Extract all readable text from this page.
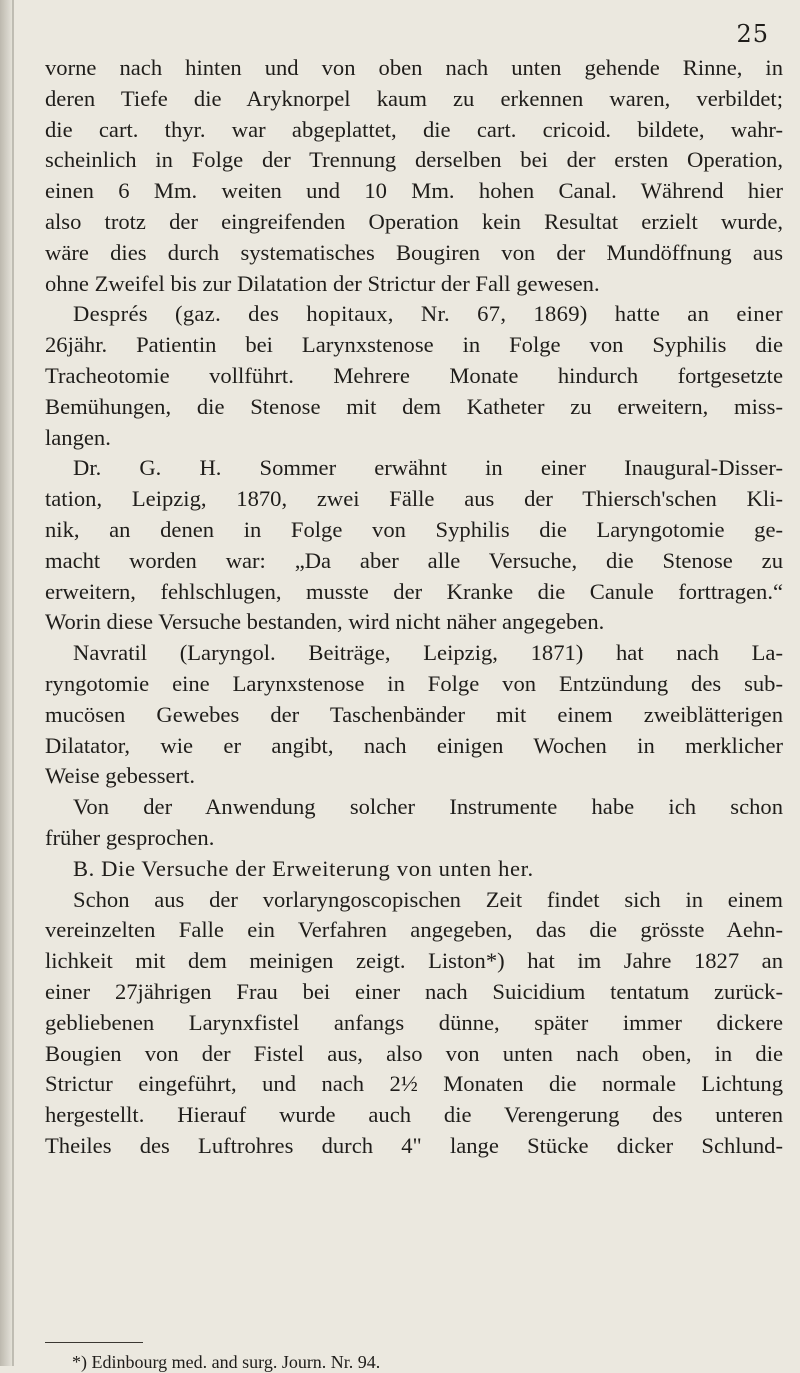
25
vorne nach hinten und von oben nach unten gehende Rinne, in
deren Tiefe die Aryknorpel kaum zu erkennen waren, verbildet;
die cart. thyr. war abgeplattet, die cart. cricoid. bildete, wahr-
scheinlich in Folge der Trennung derselben bei der ersten Operation,
einen 6 Mm. weiten und 10 Mm. hohen Canal. Während hier
also trotz der eingreifenden Operation kein Resultat erzielt wurde,
wäre dies durch systematisches Bougiren von der Mundöffnung aus
ohne Zweifel bis zur Dilatation der Strictur der Fall gewesen.
Després (gaz. des hopitaux, Nr. 67, 1869) hatte an einer
26jähr. Patientin bei Larynxstenose in Folge von Syphilis die
Tracheotomie vollführt. Mehrere Monate hindurch fortgesetzte
Bemühungen, die Stenose mit dem Katheter zu erweitern, miss-
langen.
Dr. G. H. Sommer erwähnt in einer Inaugural-Disser-
tation, Leipzig, 1870, zwei Fälle aus der Thiersch'schen Kli-
nik, an denen in Folge von Syphilis die Laryngotomie ge-
macht worden war: „Da aber alle Versuche, die Stenose zu
erweitern, fehlschlugen, musste der Kranke die Canule forttragen.“
Worin diese Versuche bestanden, wird nicht näher angegeben.
Navratil (Laryngol. Beiträge, Leipzig, 1871) hat nach La-
ryngotomie eine Larynxstenose in Folge von Entzündung des sub-
mucösen Gewebes der Taschenbänder mit einem zweiblätterigen
Dilatator, wie er angibt, nach einigen Wochen in merklicher
Weise gebessert.
Von der Anwendung solcher Instrumente habe ich schon
früher gesprochen.
B. Die Versuche der Erweiterung von unten her.
Schon aus der vorlaryngoscopischen Zeit findet sich in einem
vereinzelten Falle ein Verfahren angegeben, das die grösste Aehn-
lichkeit mit dem meinigen zeigt. Liston*) hat im Jahre 1827 an
einer 27jährigen Frau bei einer nach Suicidium tentatum zurück-
gebliebenen Larynxfistel anfangs dünne, später immer dickere
Bougien von der Fistel aus, also von unten nach oben, in die
Strictur eingeführt, und nach 2½ Monaten die normale Lichtung
hergestellt. Hierauf wurde auch die Verengerung des unteren
Theiles des Luftrohres durch 4" lange Stücke dicker Schlund-
*) Edinbourg med. and surg. Journ. Nr. 94.
